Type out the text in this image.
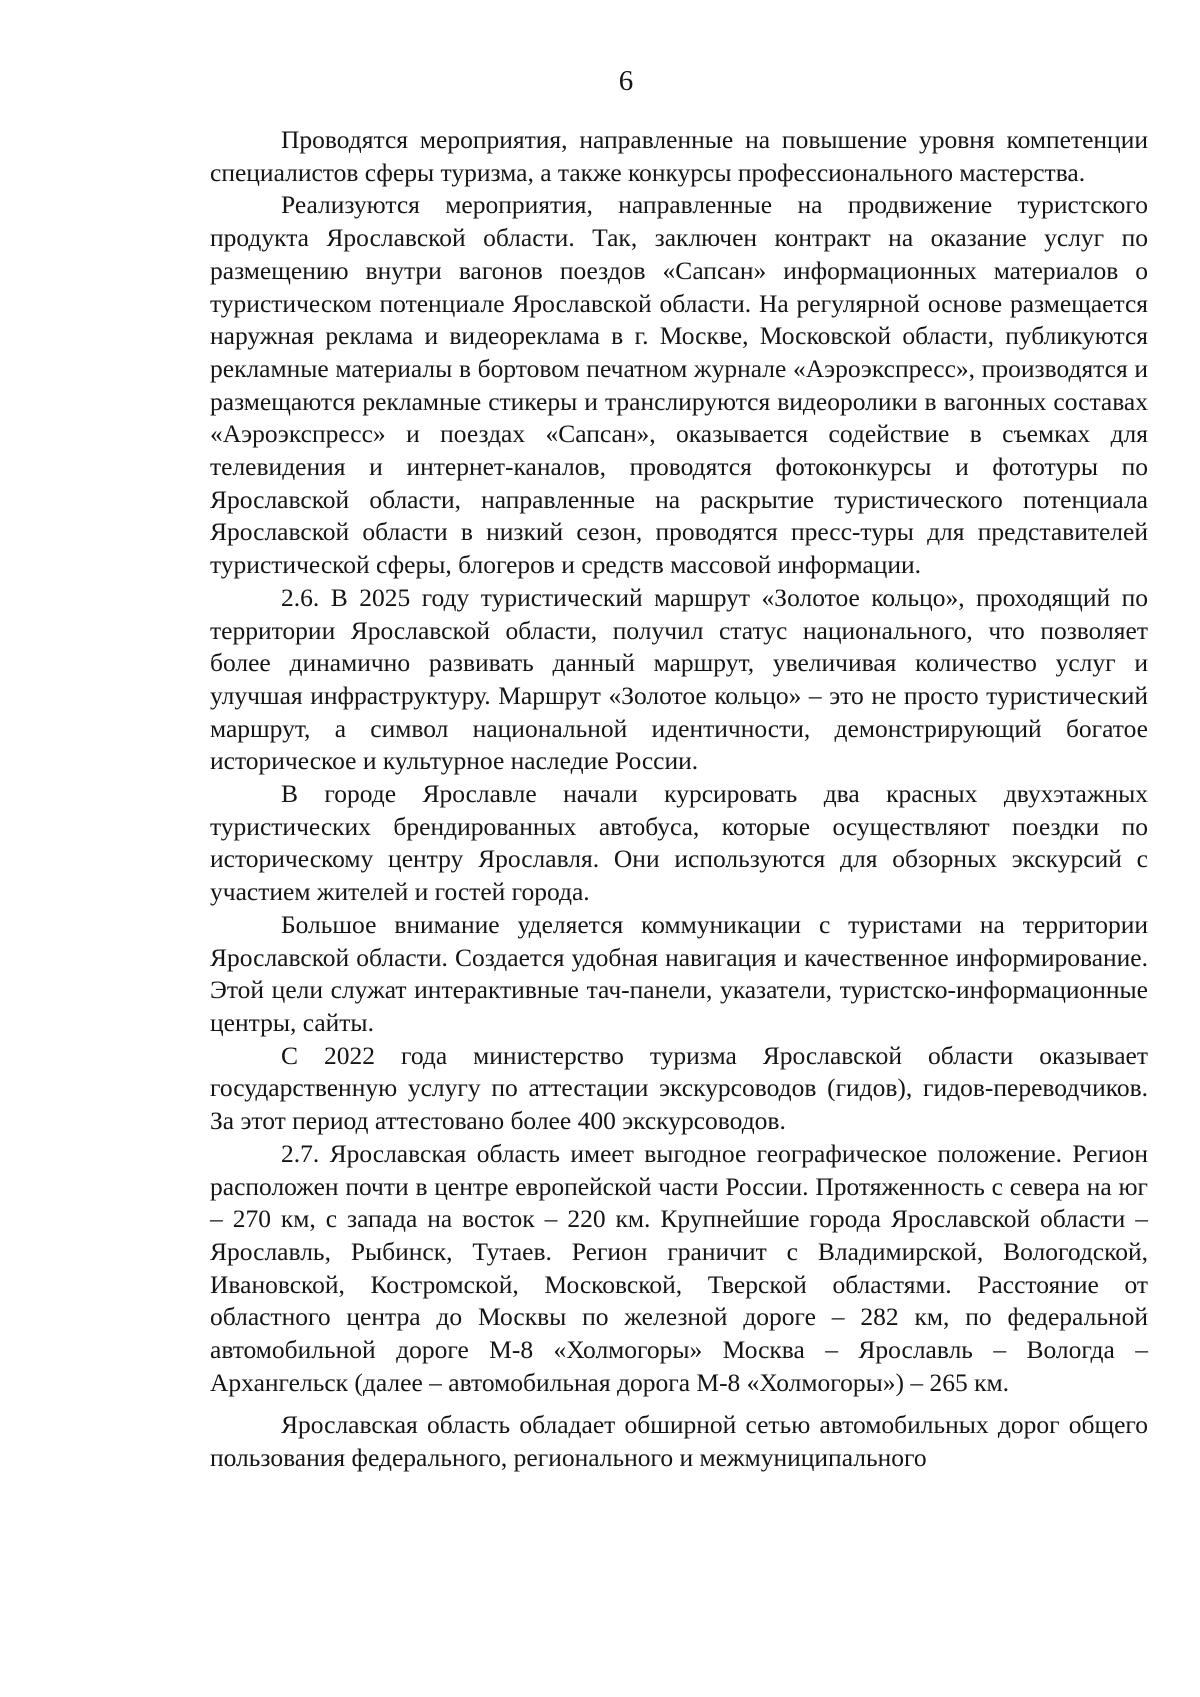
6

Проводятся мероприятия, направленные на повышение уровня компетенции специалистов сферы туризма, а также конкурсы профессионального мастерства.

Реализуются мероприятия, направленные на продвижение туристского продукта Ярославской области. Так, заключен контракт на оказание услуг по размещению внутри вагонов поездов «Сапсан» информационных материалов о туристическом потенциале Ярославской области. На регулярной основе размещается наружная реклама и видеореклама в г. Москве, Московской области, публикуются рекламные материалы в бортовом печатном журнале «Аэроэкспресс», производятся и размещаются рекламные стикеры и транслируются видеоролики в вагонных составах «Аэроэкспресс» и поездах «Сапсан», оказывается содействие в съемках для телевидения и интернет-каналов, проводятся фотоконкурсы и фототуры по Ярославской области, направленные на раскрытие туристического потенциала Ярославской области в низкий сезон, проводятся пресс-туры для представителей туристической сферы, блогеров и средств массовой информации.

2.6. В 2025 году туристический маршрут «Золотое кольцо», проходящий по территории Ярославской области, получил статус национального, что позволяет более динамично развивать данный маршрут, увеличивая количество услуг и улучшая инфраструктуру. Маршрут «Золотое кольцо» – это не просто туристический маршрут, а символ национальной идентичности, демонстрирующий богатое историческое и культурное наследие России.

В городе Ярославле начали курсировать два красных двухэтажных туристических брендированных автобуса, которые осуществляют поездки по историческому центру Ярославля. Они используются для обзорных экскурсий с участием жителей и гостей города.

Большое внимание уделяется коммуникации с туристами на территории Ярославской области. Создается удобная навигация и качественное информирование. Этой цели служат интерактивные тач-панели, указатели, туристско-информационные центры, сайты.

С 2022 года министерство туризма Ярославской области оказывает государственную услугу по аттестации экскурсоводов (гидов), гидов-переводчиков. За этот период аттестовано более 400 экскурсоводов.

2.7. Ярославская область имеет выгодное географическое положение. Регион расположен почти в центре европейской части России. Протяженность с севера на юг – 270 км, с запада на восток – 220 км. Крупнейшие города Ярославской области – Ярославль, Рыбинск, Тутаев. Регион граничит с Владимирской, Вологодской, Ивановской, Костромской, Московской, Тверской областями. Расстояние от областного центра до Москвы по железной дороге – 282 км, по федеральной автомобильной дороге М-8 «Холмогоры» Москва – Ярославль – Вологда – Архангельск (далее – автомобильная дорога М-8 «Холмогоры») – 265 км.

Ярославская область обладает обширной сетью автомобильных дорог общего пользования федерального, регионального и межмуниципального
